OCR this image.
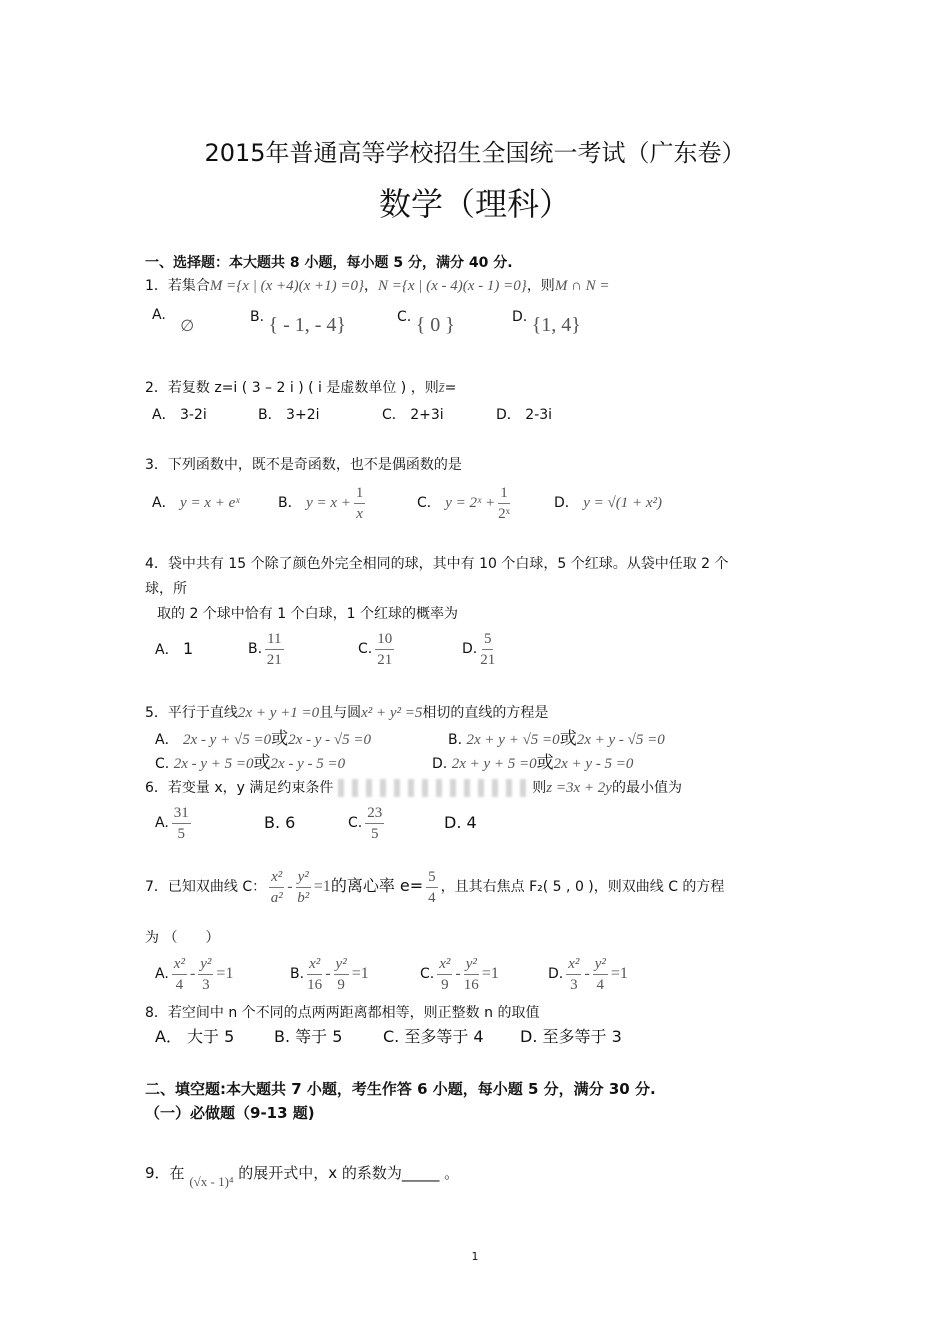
2015年普通高等学校招生全国统一考试（广东卷）
数学（理科）
一、选择题：本大题共 8 小题，每小题 5 分，满分 40 分.
1．若集合M ={x | (x +4)(x +1) =0}，N ={x | (x - 4)(x - 1) =0}，则M ∩ N =
A. ∅
B. { - 1, - 4}	C. { 0 }	D. {1, 4}
2．若复数 z=i ( 3 – 2 i ) ( i 是虚数单位 ) ，则z̄=
A． 3-2i	B． 3+2i	C． 2+3i	D． 2-3i
3．下列函数中，既不是奇函数，也不是偶函数的是
A． y = x + eˣ	B． $y = x + \frac{1}{x}$	C． y = 2ˣ + $\frac{1}{\text{2ˣ}}$	D． y = √(1 + x²)
4．袋中共有 15 个除了颜色外完全相同的球，其中有 10 个白球，5 个红球。从袋中任取 2 个
球，所
取的 2 个球中恰有 1 个白球，1 个红球的概率为
A． 1	B. $\frac{11}{21}$	C. $\frac{10}{21}$	D. $\frac{5}{21}$
5．平行于直线2x + y +1 =0且与圆x² + y² =5相切的直线的方程是
A． 2x - y + √5 =0或2x - y - √5 =0	B. 2x + y + √5 =0或2x + y - √5 =0
C. 2x - y + 5 =0或2x - y - 5 =0	D. 2x + y + 5 =0或2x + y - 5 =0
6．若变量 x，y 满足约束条件	则z =3x + 2y的最小值为
A. $\frac{31}{5}$	B. 6	C. $\frac{23}{5}$	D. 4
7．已知双曲线 C： $\frac{\text{x²}}{\text{a²}} - \frac{\text{y²}}{\text{b²}} =1$的离心率 $e= \frac{5}{4}$ ，且其右焦点 F₂( 5 , 0 )，则双曲线 C 的方程
为 （　　）
A. $\frac{\text{x²}}{4} - \frac{\text{y²}}{3} =1$	B. $\frac{\text{x²}}{16} - \frac{\text{y²}}{9} =1$	C. $\frac{\text{x²}}{9} - \frac{\text{y²}}{16} =1$	D. $\frac{\text{x²}}{3} - \frac{\text{y²}}{4} =1$
8．若空间中 n 个不同的点两两距离都相等，则正整数 n 的取值
A． 大于 5 B. 等于 5	C. 至多等于 4 D. 至多等于 3
二、填空题:本大题共 7 小题，考生作答 6 小题，每小题 5 分，满分 30 分.
（一）必做题（9-13 题)
9．在 (√x - 1)⁴ 的展开式中，x 的系数为_____ 。
1
